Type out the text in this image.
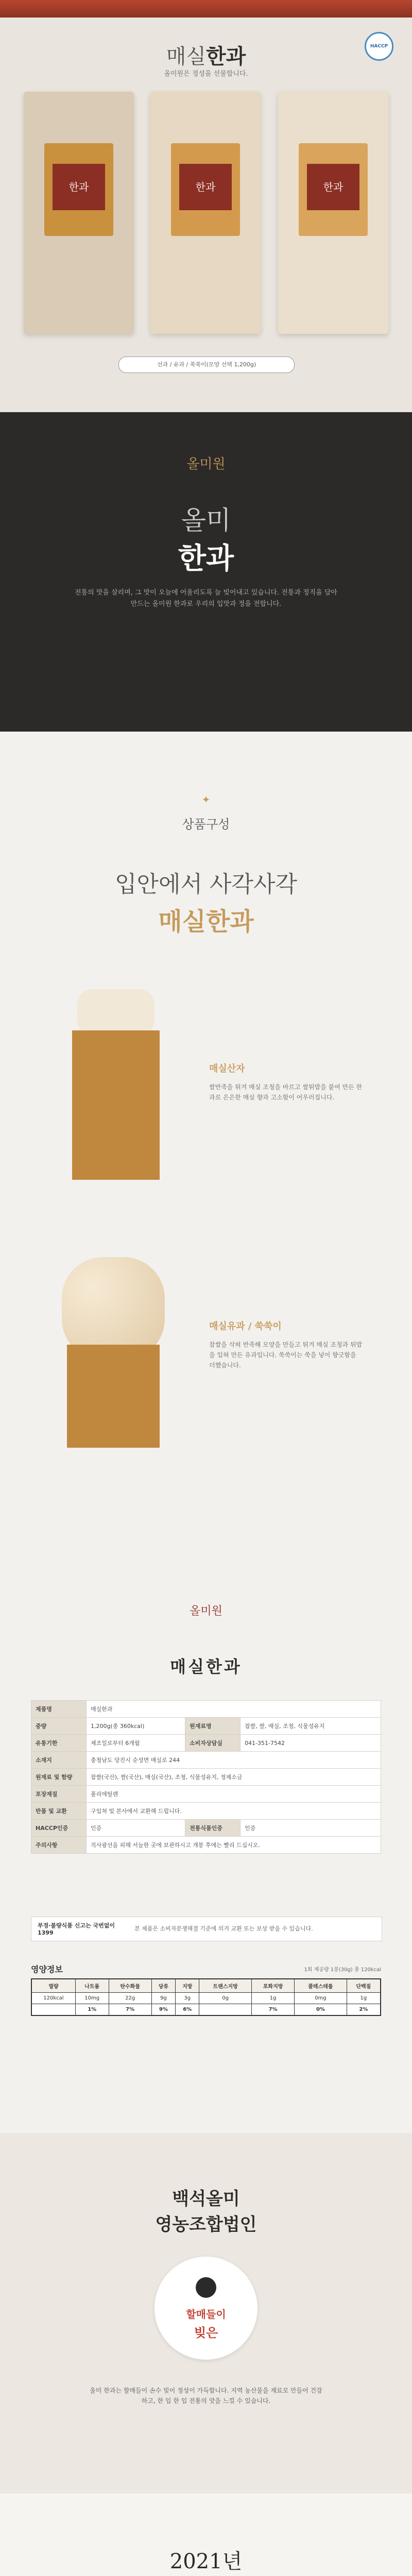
매실한과
올미원은 정성을 선물합니다.
HACCP
한과	한과	한과
선과 / 유과 / 쑥쑥이(모양 선택 1,200g)
올미원
올미
한과
전통의 맛을 살리며, 그 맛이 오늘에 어울리도록 늘 빚어내고 있습니다. 전통과 정직을 담아 만드는 올미원 한과로 우리의 입맛과 정을 전합니다.
✦
상품구성
입안에서 사각사각
매실한과
매실산자
쌀반죽을 튀겨 매실 조청을 바르고 쌀튀밥을 붙여 만든 한과로 은은한 매실 향과 고소함이 어우러집니다.
매실유과 / 쑥쑥이
찹쌀을 삭혀 반죽해 모양을 만들고 튀겨 매실 조청과 튀밥을 입혀 만든 유과입니다. 쑥쑥이는 쑥을 넣어 향긋함을 더했습니다.
올미원
매실한과
제품명	매실한과		
중량	1,200g(총 360kcal)	원재료명	찹쌀, 쌀, 매실, 조청, 식물성유지
유통기한	제조일로부터 6개월	소비자상담실	041-351-7542
소재지	충청남도 당진시 순성면 매실로 244		
원재료 및 함량	찹쌀(국산), 쌀(국산), 매실(국산), 조청, 식물성유지, 정제소금		
포장재질	폴리에틸렌		
반품 및 교환	구입처 및 본사에서 교환해 드립니다.		
HACCP인증	인증	전통식품인증	인증
주의사항	직사광선을 피해 서늘한 곳에 보관하시고 개봉 후에는 빨리 드십시오.		
부정·불량식품 신고는 국번없이 1399
본 제품은 소비자분쟁해결 기준에 의거 교환 또는 보상 받을 수 있습니다.
영양정보	1회 제공량 1봉(30g) 총 120kcal
열량	나트륨	탄수화물	당류	지방	트랜스지방	포화지방	콜레스테롤	단백질
120kcal	10mg	22g	9g	3g	0g	1g	0mg	1g
	1%	7%	9%	6%		7%	0%	2%
백석올미
영농조합법인
할매들이
빚은
올미 한과는 할매들이 손수 빚어 정성이 가득합니다. 지역 농산물을 재료로 만들어 건강하고, 한 입 한 입 전통의 맛을 느낄 수 있습니다.
2021년
